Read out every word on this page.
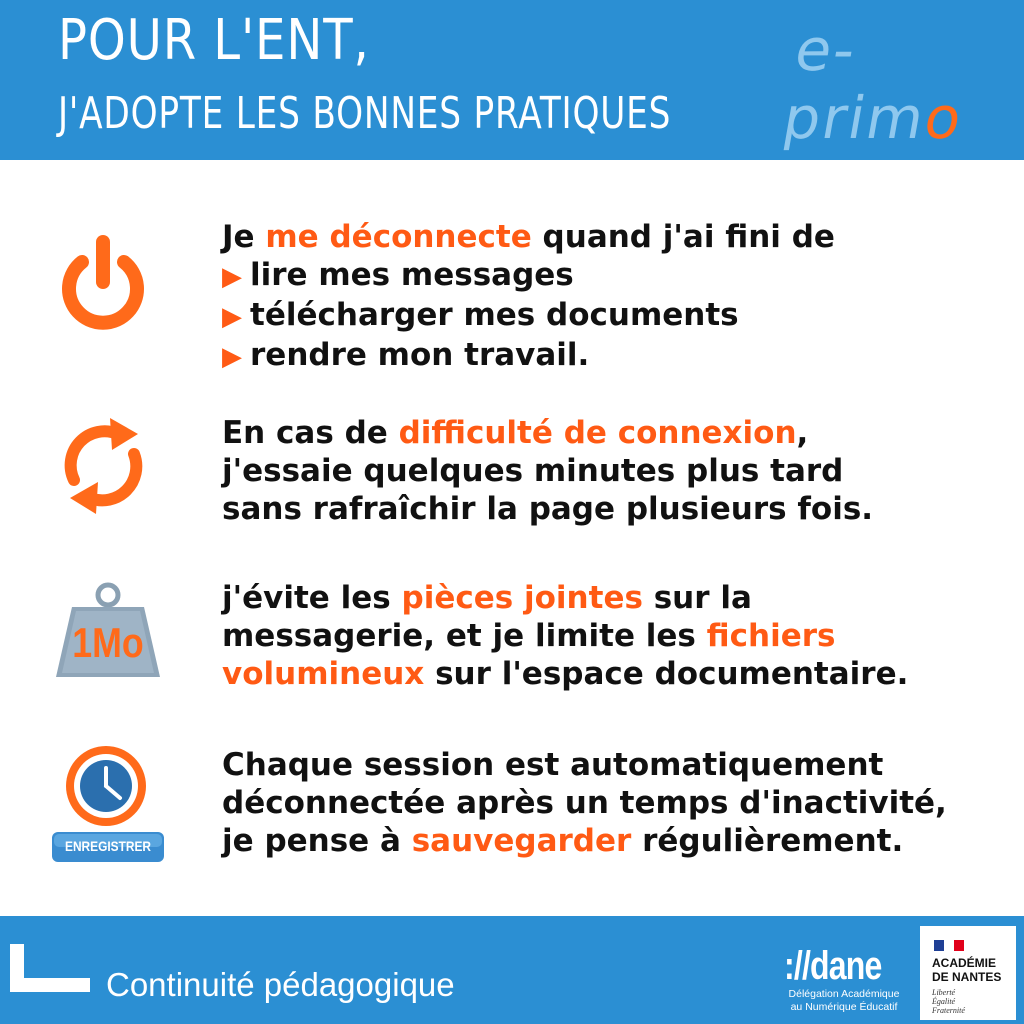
POUR L'ENT,
J'ADOPTE LES BONNES PRATIQUES
e-primo
Je me déconnecte quand j'ai fini de
▶ lire mes messages
▶ télécharger mes documents
▶ rendre mon travail.
En cas de difficulté de connexion,
j'essaie quelques minutes plus tard
sans rafraîchir la page plusieurs fois.
1Mo
j'évite les pièces jointes sur la
messagerie, et je limite les fichiers
volumineux sur l'espace documentaire.
ENREGISTRER
Chaque session est automatiquement
déconnectée après un temps d'inactivité,
je pense à sauvegarder régulièrement.
Continuité pédagogique	://dane
Délégation Académique
au Numérique Éducatif
ACADÉMIE
DE NANTES
Liberté
Égalité
Fraternité
